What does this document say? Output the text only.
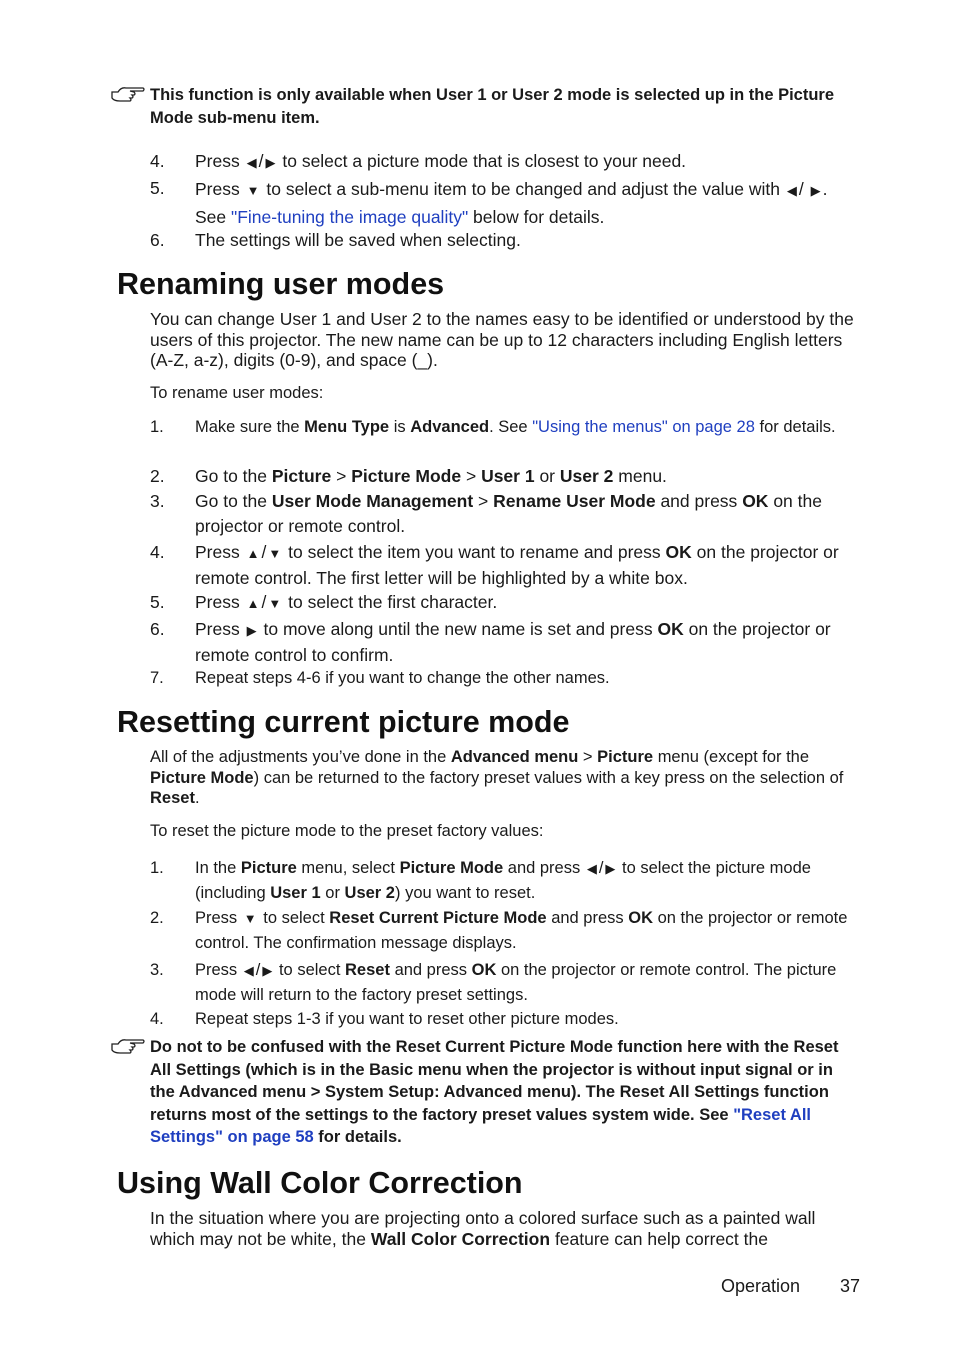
This function is only available when User 1 or User 2 mode is selected up in the Picture Mode sub-menu item.
4. Press ◀ / ▶ to select a picture mode that is closest to your need.
5. Press ▼ to select a sub-menu item to be changed and adjust the value with ◀ / ▶ . See "Fine-tuning the image quality" below for details.
6. The settings will be saved when selecting.
Renaming user modes
You can change User 1 and User 2 to the names easy to be identified or understood by the users of this projector. The new name can be up to 12 characters including English letters (A-Z, a-z), digits (0-9), and space (_).
To rename user modes:
1. Make sure the Menu Type is Advanced. See "Using the menus" on page 28 for details.
2. Go to the Picture > Picture Mode > User 1 or User 2 menu.
3. Go to the User Mode Management > Rename User Mode and press OK on the projector or remote control.
4. Press ▲ / ▼ to select the item you want to rename and press OK on the projector or remote control. The first letter will be highlighted by a white box.
5. Press ▲ / ▼ to select the first character.
6. Press ▶ to move along until the new name is set and press OK on the projector or remote control to confirm.
7. Repeat steps 4-6 if you want to change the other names.
Resetting current picture mode
All of the adjustments you’ve done in the Advanced menu > Picture menu (except for the Picture Mode) can be returned to the factory preset values with a key press on the selection of Reset.
To reset the picture mode to the preset factory values:
1. In the Picture menu, select Picture Mode and press ◀ / ▶ to select the picture mode (including User 1 or User 2) you want to reset.
2. Press ▼ to select Reset Current Picture Mode and press OK on the projector or remote control. The confirmation message displays.
3. Press ◀ / ▶ to select Reset and press OK on the projector or remote control. The picture mode will return to the factory preset settings.
4. Repeat steps 1-3 if you want to reset other picture modes.
Do not to be confused with the Reset Current Picture Mode function here with the Reset All Settings (which is in the Basic menu when the projector is without input signal or in the Advanced menu > System Setup: Advanced menu). The Reset All Settings function returns most of the settings to the factory preset values system wide. See "Reset All Settings" on page 58 for details.
Using Wall Color Correction
In the situation where you are projecting onto a colored surface such as a painted wall which may not be white, the Wall Color Correction feature can help correct the
Operation 37
